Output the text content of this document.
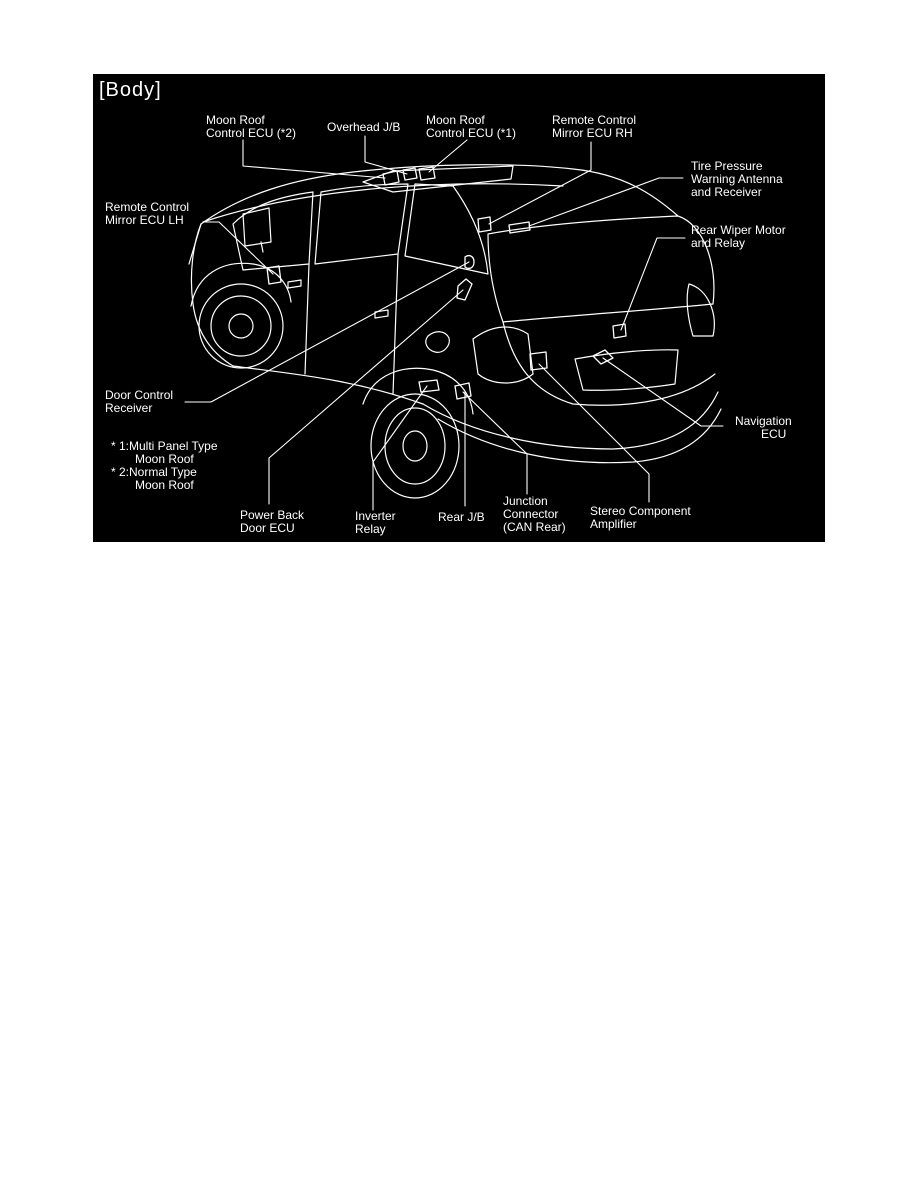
[Body]
Moon Roof
Control ECU (*2)	Overhead J/B Moon Roof
Control ECU (*1)
Remote Control
Mirror ECU RH
Tire Pressure
Warning Antenna
and Receiver
Remote Control
Mirror ECU LH
Rear Wiper Motor
and Relay
Door Control
Receiver
Navigation
ECU
* 1:Multi Panel Type
Moon Roof
* 2:Normal Type
Moon Roof
Power Back
Door ECU
Inverter
Relay
Rear J/B
Junction
Connector
(CAN Rear)
Stereo Component
Amplifier
